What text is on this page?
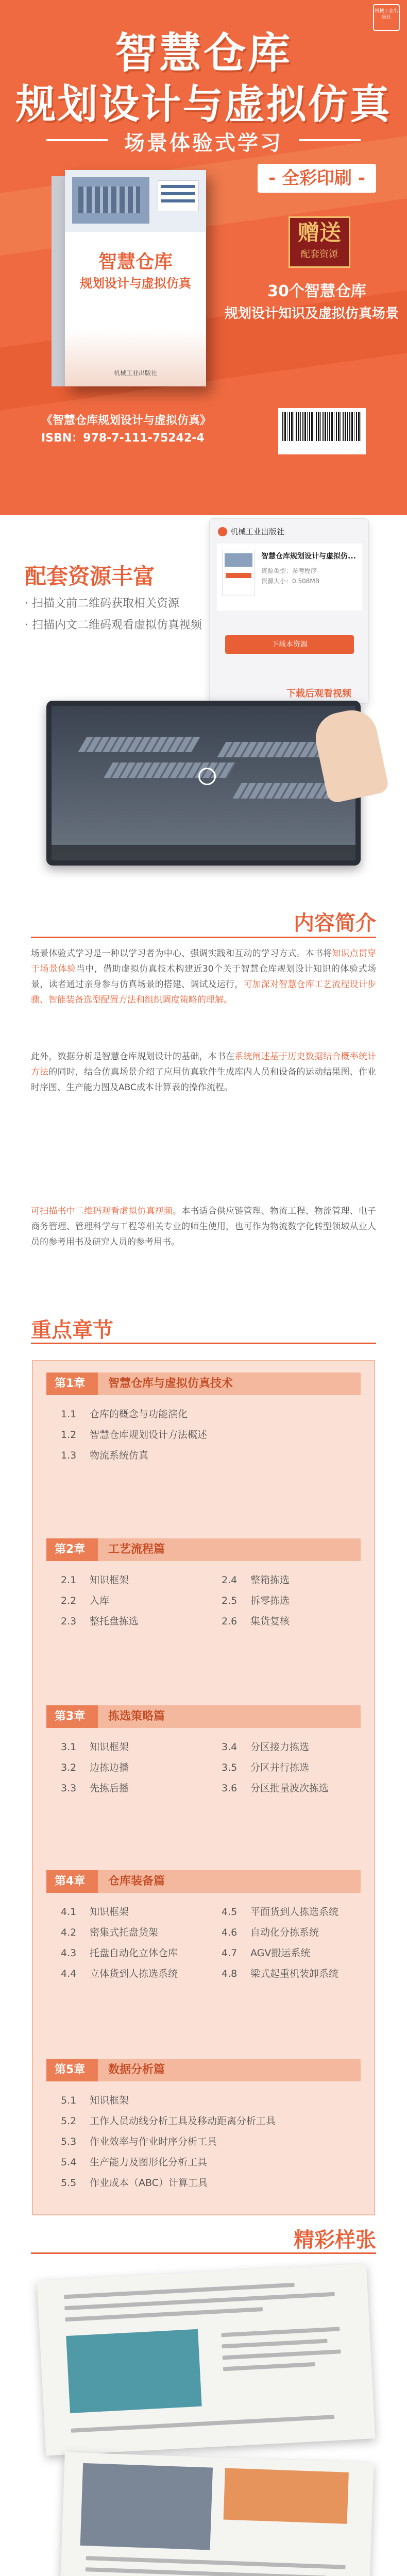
机械工业出版社
智慧仓库
规划设计与虚拟仿真
场景体验式学习
智慧仓库
规划设计与虚拟仿真
机械工业出版社
- 全彩印刷 -
赠送
配套资源
30个智慧仓库
规划设计知识及虚拟仿真场景
《智慧仓库规划设计与虚拟仿真》
ISBN：978-7-111-75242-4
配套资源丰富
· 扫描文前二维码获取相关资源
· 扫描内文二维码观看虚拟仿真视频
机械工业出版社
智慧仓库规划设计与虚拟仿...
资源类型：参考程序
资源大小：0.508MB
下载本资源
下载后观看视频
内容简介

场景体验式学习是一种以学习者为中心、强调实践和互动的学习方式。本书将知识点贯穿于场景体验当中，借助虚拟仿真技术构建近30个关于智慧仓库规划设计知识的体验式场景，读者通过亲身参与仿真场景的搭建、调试及运行，可加深对智慧仓库工艺流程设计步骤、智能装备选型配置方法和组织调度策略的理解。

此外，数据分析是智慧仓库规划设计的基础，本书在系统阐述基于历史数据结合概率统计方法的同时，结合仿真场景介绍了应用仿真软件生成库内人员和设备的运动结果图、作业时序图、生产能力图及ABC成本计算表的操作流程。

可扫描书中二维码观看虚拟仿真视频。本书适合供应链管理、物流工程、物流管理、电子商务管理、管理科学与工程等相关专业的师生使用，也可作为物流数字化转型领域从业人员的参考用书及研究人员的参考用书。

重点章节
第1章 智慧仓库与虚拟仿真技术
1.1 仓库的概念与功能演化
1.2 智慧仓库规划设计方法概述
1.3 物流系统仿真
第2章 工艺流程篇
2.1 知识框架	2.4 整箱拣选
2.2 入库	2.5 拆零拣选
2.3 整托盘拣选	2.6 集货复核
第3章 拣选策略篇
3.1 知识框架	3.4 分区接力拣选
3.2 边拣边播	3.5 分区并行拣选
3.3 先拣后播	3.6 分区批量波次拣选
第4章 仓库装备篇
4.1 知识框架	4.5 平面货到人拣选系统
4.2 密集式托盘货架	4.6 自动化分拣系统
4.3 托盘自动化立体仓库	4.7 AGV搬运系统
4.4 立体货到人拣选系统	4.8 梁式起重机装卸系统
第5章 数据分析篇
5.1 知识框架
5.2 工作人员动线分析工具及移动距离分析工具
5.3 作业效率与作业时序分析工具
5.4 生产能力及图形化分析工具
5.5 作业成本（ABC）计算工具
精彩样张
